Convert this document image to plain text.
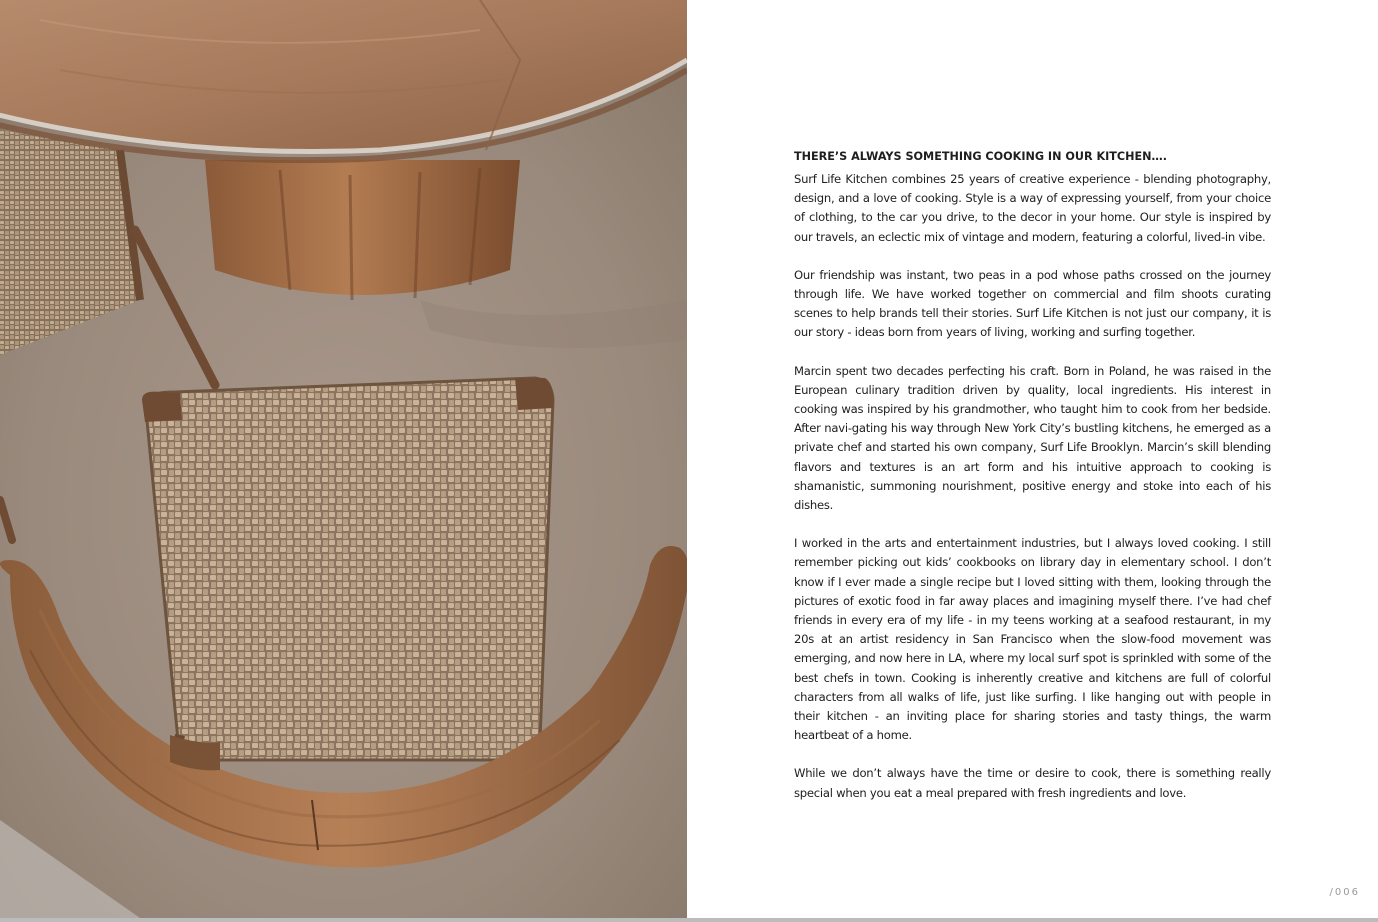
THERE’S ALWAYS SOMETHING COOKING IN OUR KITCHEN….

Surf Life Kitchen combines 25 years of creative experience - blending photography, design, and a love of cooking. Style is a way of expressing yourself, from your choice of clothing, to the car you drive, to the decor in your home. Our style is inspired by our travels, an eclectic mix of vintage and modern, featuring a colorful, lived-in vibe.

Our friendship was instant, two peas in a pod whose paths crossed on the journey through life. We have worked together on commercial and film shoots curating scenes to help brands tell their stories. Surf Life Kitchen is not just our company, it is our story - ideas born from years of living, working and surfing together.

Marcin spent two decades perfecting his craft. Born in Poland, he was raised in the European culinary tradition driven by quality, local ingredients. His interest in cooking was inspired by his grandmother, who taught him to cook from her bedside. After navi-gating his way through New York City’s bustling kitchens, he emerged as a private chef and started his own company, Surf Life Brooklyn. Marcin’s skill blending flavors and textures is an art form and his intuitive approach to cooking is shamanistic, summoning nourishment, positive energy and stoke into each of his dishes.

I worked in the arts and entertainment industries, but I always loved cooking. I still remember picking out kids’ cookbooks on library day in elementary school. I don’t know if I ever made a single recipe but I loved sitting with them, looking through the pictures of exotic food in far away places and imagining myself there. I’ve had chef friends in every era of my life - in my teens working at a seafood restaurant, in my 20s at an artist residency in San Francisco when the slow-food movement was emerging, and now here in LA, where my local surf spot is sprinkled with some of the best chefs in town. Cooking is inherently creative and kitchens are full of colorful characters from all walks of life, just like surfing. I like hanging out with people in their kitchen - an inviting place for sharing stories and tasty things, the warm heartbeat of a home.

While we don’t always have the time or desire to cook, there is something really special when you eat a meal prepared with fresh ingredients and love.

/006
